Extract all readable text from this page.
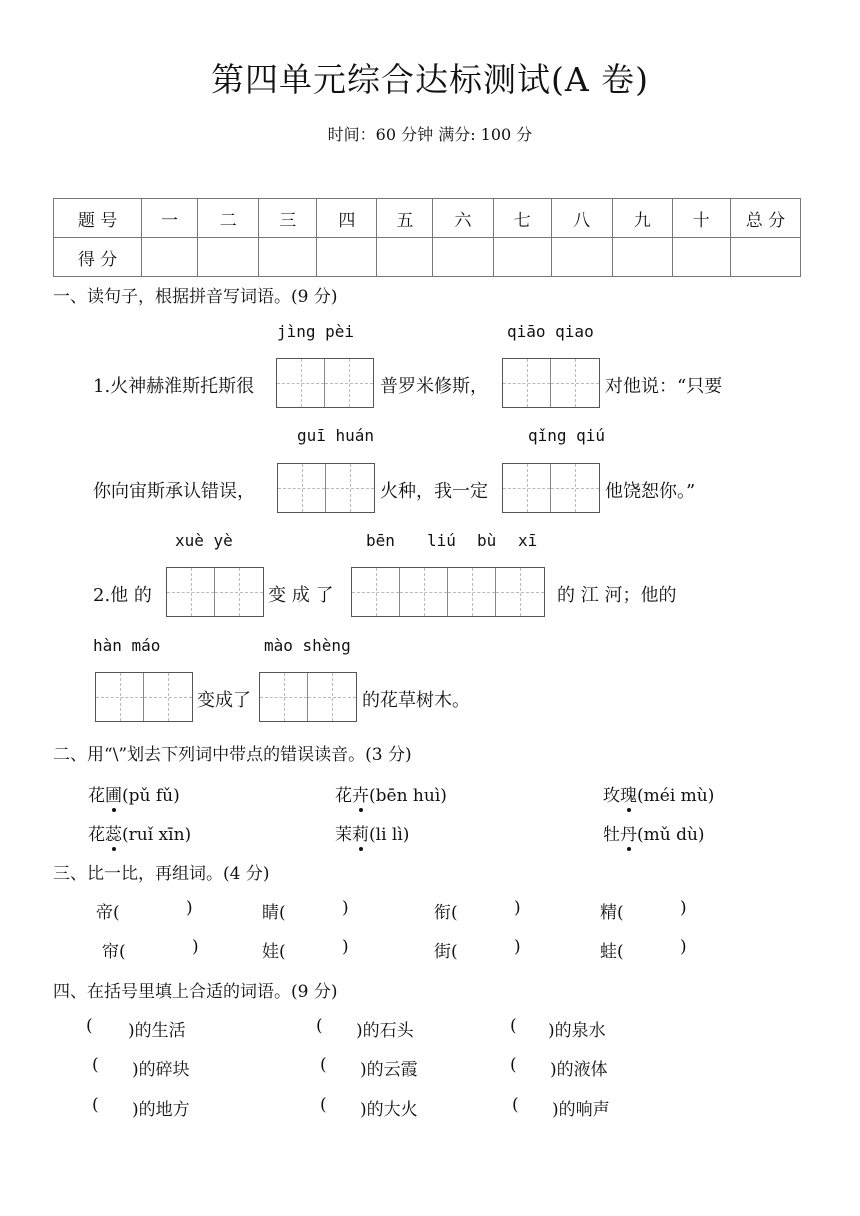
第四单元综合达标测试(A 卷)
时间：60 分钟 满分: 100 分
题 号	一	二	三	四	五	六	七	八	九	十	总 分
得 分											
一、读句子，根据拼音写词语。(9 分)
jìng pèi	qiāo qiao
1.火神赫淮斯托斯很	普罗米修斯，	对他说：“只要
guī huán	qǐng qiú
你向宙斯承认错误，	火种，我一定	他饶恕你。”
xuè yè	bēn liú bù xī
2.他 的	变 成 了	的 江 河；他的
hàn máo	mào shèng
变成了	的花草树木。
二、用“\”划去下列词中带点的错误读音。(3 分)
花圃(pǔ fǔ)	花卉(bēn huì)	玫瑰(méi mù)
花蕊(ruǐ xīn)	茉莉(li lì)	牡丹(mǔ dù)
三、比一比，再组词。(4 分)
帝(	)	睛(	)	衔(	)	精(	)
帘(	)	娃(	)	街(	)	蛙(	)
四、在括号里填上合适的词语。(9 分)
( )的生活	( )的石头	( )的泉水
( )的碎块	( )的云霞	( )的液体
( )的地方	( )的大火	( )的响声
